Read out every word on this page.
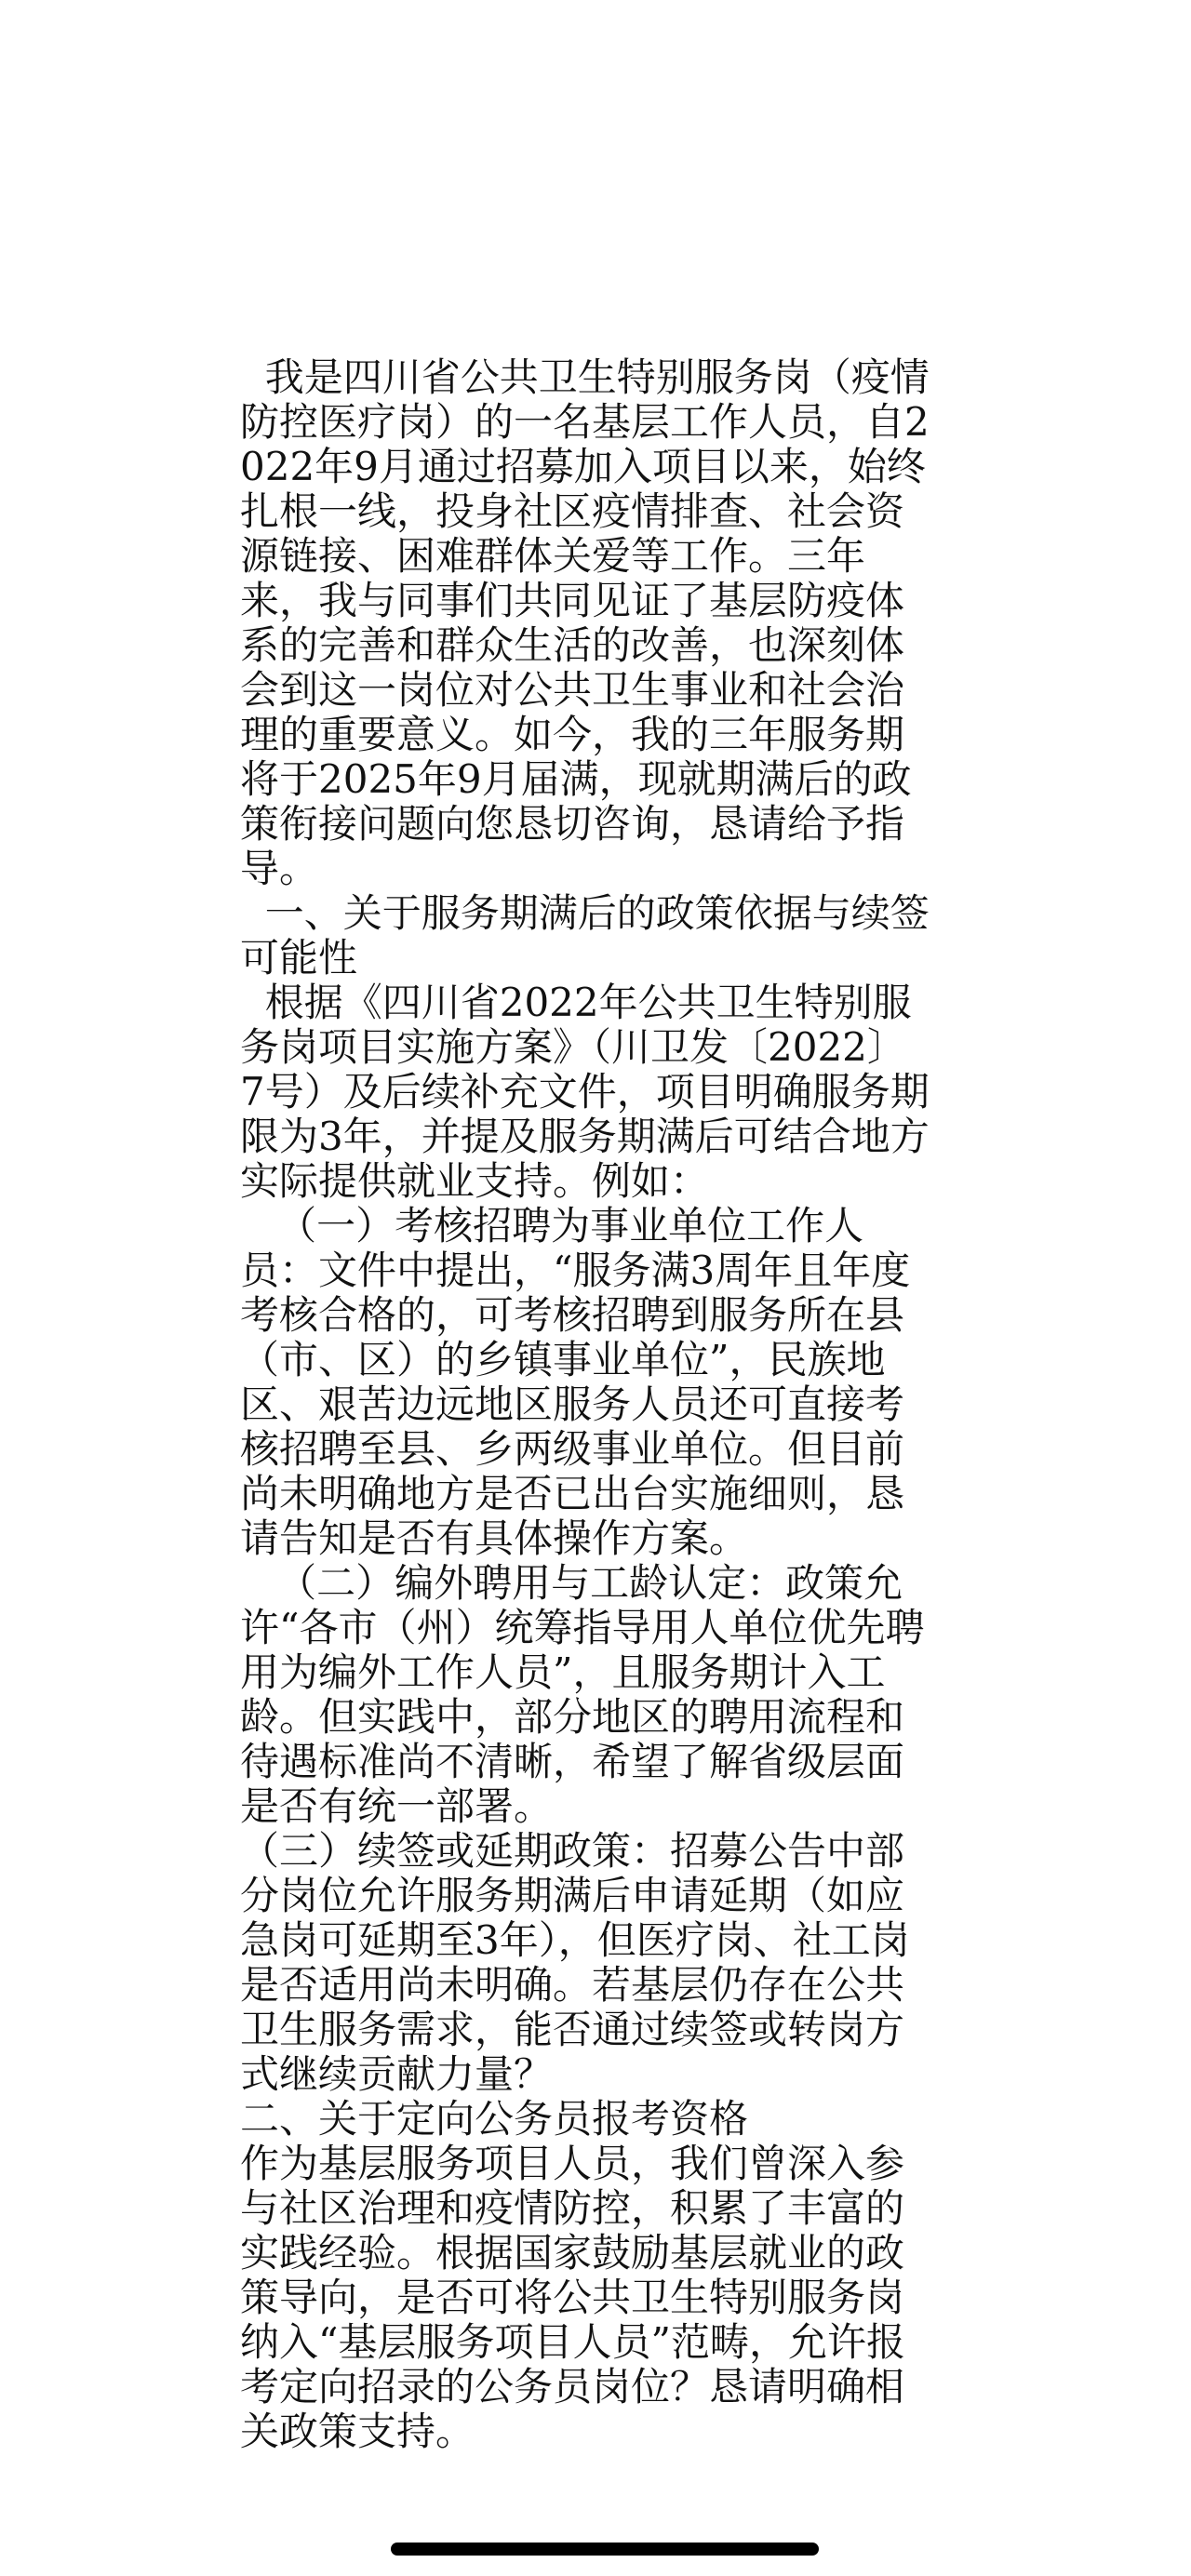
我是四川省公共卫生特别服务岗（疫情防控医疗岗）的一名基层工作人员，自2022年9月通过招募加入项目以来，始终扎根一线，投身社区疫情排查、社会资源链接、困难群体关爱等工作。三年来，我与同事们共同见证了基层防疫体系的完善和群众生活的改善，也深刻体会到这一岗位对公共卫生事业和社会治理的重要意义。如今，我的三年服务期将于2025年9月届满，现就期满后的政策衔接问题向您恳切咨询，恳请给予指导。

一、关于服务期满后的政策依据与续签可能性

根据《四川省2022年公共卫生特别服务岗项目实施方案》（川卫发〔2022〕7号）及后续补充文件，项目明确服务期限为3年，并提及服务期满后可结合地方实际提供就业支持。例如：

（一）考核招聘为事业单位工作人员：文件中提出，“服务满3周年且年度考核合格的，可考核招聘到服务所在县（市、区）的乡镇事业单位”，民族地区、艰苦边远地区服务人员还可直接考核招聘至县、乡两级事业单位。但目前尚未明确地方是否已出台实施细则，恳请告知是否有具体操作方案。

（二）编外聘用与工龄认定：政策允许“各市（州）统筹指导用人单位优先聘用为编外工作人员”，且服务期计入工龄。但实践中，部分地区的聘用流程和待遇标准尚不清晰，希望了解省级层面是否有统一部署。

（三）续签或延期政策：招募公告中部分岗位允许服务期满后申请延期（如应急岗可延期至3年），但医疗岗、社工岗是否适用尚未明确。若基层仍存在公共卫生服务需求，能否通过续签或转岗方式继续贡献力量？

二、关于定向公务员报考资格

作为基层服务项目人员，我们曾深入参与社区治理和疫情防控，积累了丰富的实践经验。根据国家鼓励基层就业的政策导向，是否可将公共卫生特别服务岗纳入“基层服务项目人员”范畴，允许报考定向招录的公务员岗位？恳请明确相关政策支持。
